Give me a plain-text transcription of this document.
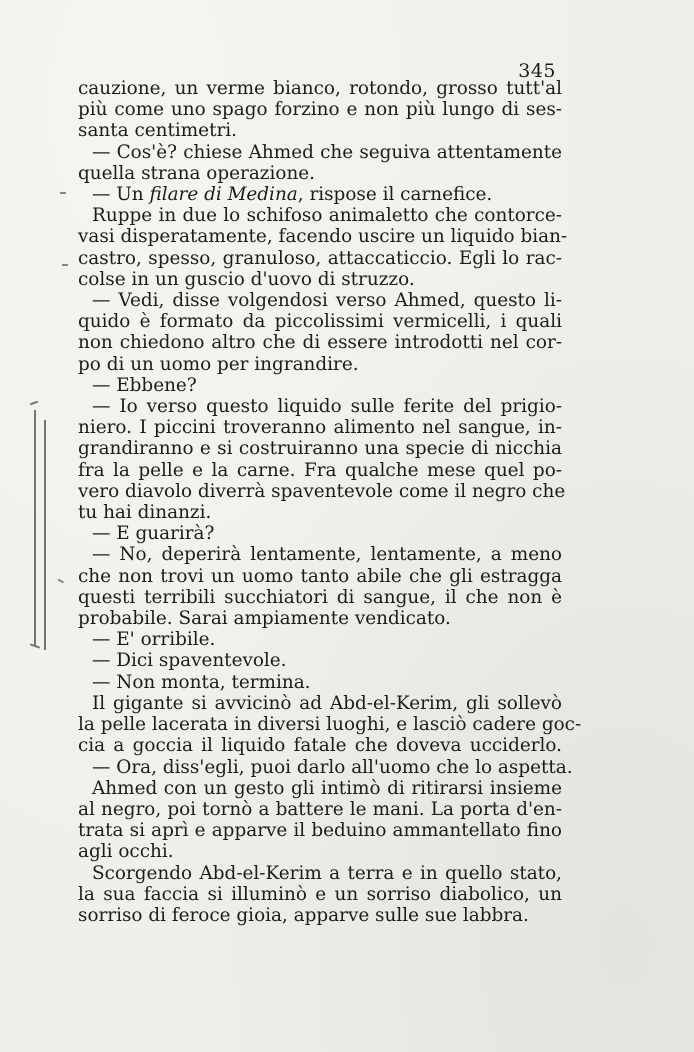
345
cauzione, un verme bianco, rotondo, grosso tutt'al
più come uno spago forzino e non più lungo di ses-
santa centimetri.
— Cos'è? chiese Ahmed che seguiva attentamente
quella strana operazione.
— Un filare di Medina, rispose il carnefice.
Ruppe in due lo schifoso animaletto che contorce-
vasi disperatamente, facendo uscire un liquido bian-
castro, spesso, granuloso, attaccaticcio. Egli lo rac-
colse in un guscio d'uovo di struzzo.
— Vedi, disse volgendosi verso Ahmed, questo li-
quido è formato da piccolissimi vermicelli, i quali
non chiedono altro che di essere introdotti nel cor-
po di un uomo per ingrandire.
— Ebbene?
— Io verso questo liquido sulle ferite del prigio-
niero. I piccini troveranno alimento nel sangue, in-
grandiranno e si costruiranno una specie di nicchia
fra la pelle e la carne. Fra qualche mese quel po-
vero diavolo diverrà spaventevole come il negro che
tu hai dinanzi.
— E guarirà?
— No, deperirà lentamente, lentamente, a meno
che non trovi un uomo tanto abile che gli estragga
questi terribili succhiatori di sangue, il che non è
probabile. Sarai ampiamente vendicato.
— E' orribile.
— Dici spaventevole.
— Non monta, termina.
Il gigante si avvicinò ad Abd-el-Kerim, gli sollevò
la pelle lacerata in diversi luoghi, e lasciò cadere goc-
cia a goccia il liquido fatale che doveva ucciderlo.
— Ora, diss'egli, puoi darlo all'uomo che lo aspetta.
Ahmed con un gesto gli intimò di ritirarsi insieme
al negro, poi tornò a battere le mani. La porta d'en-
trata si aprì e apparve il beduino ammantellato fino
agli occhi.
Scorgendo Abd-el-Kerim a terra e in quello stato,
la sua faccia si illuminò e un sorriso diabolico, un
sorriso di feroce gioia, apparve sulle sue labbra.
